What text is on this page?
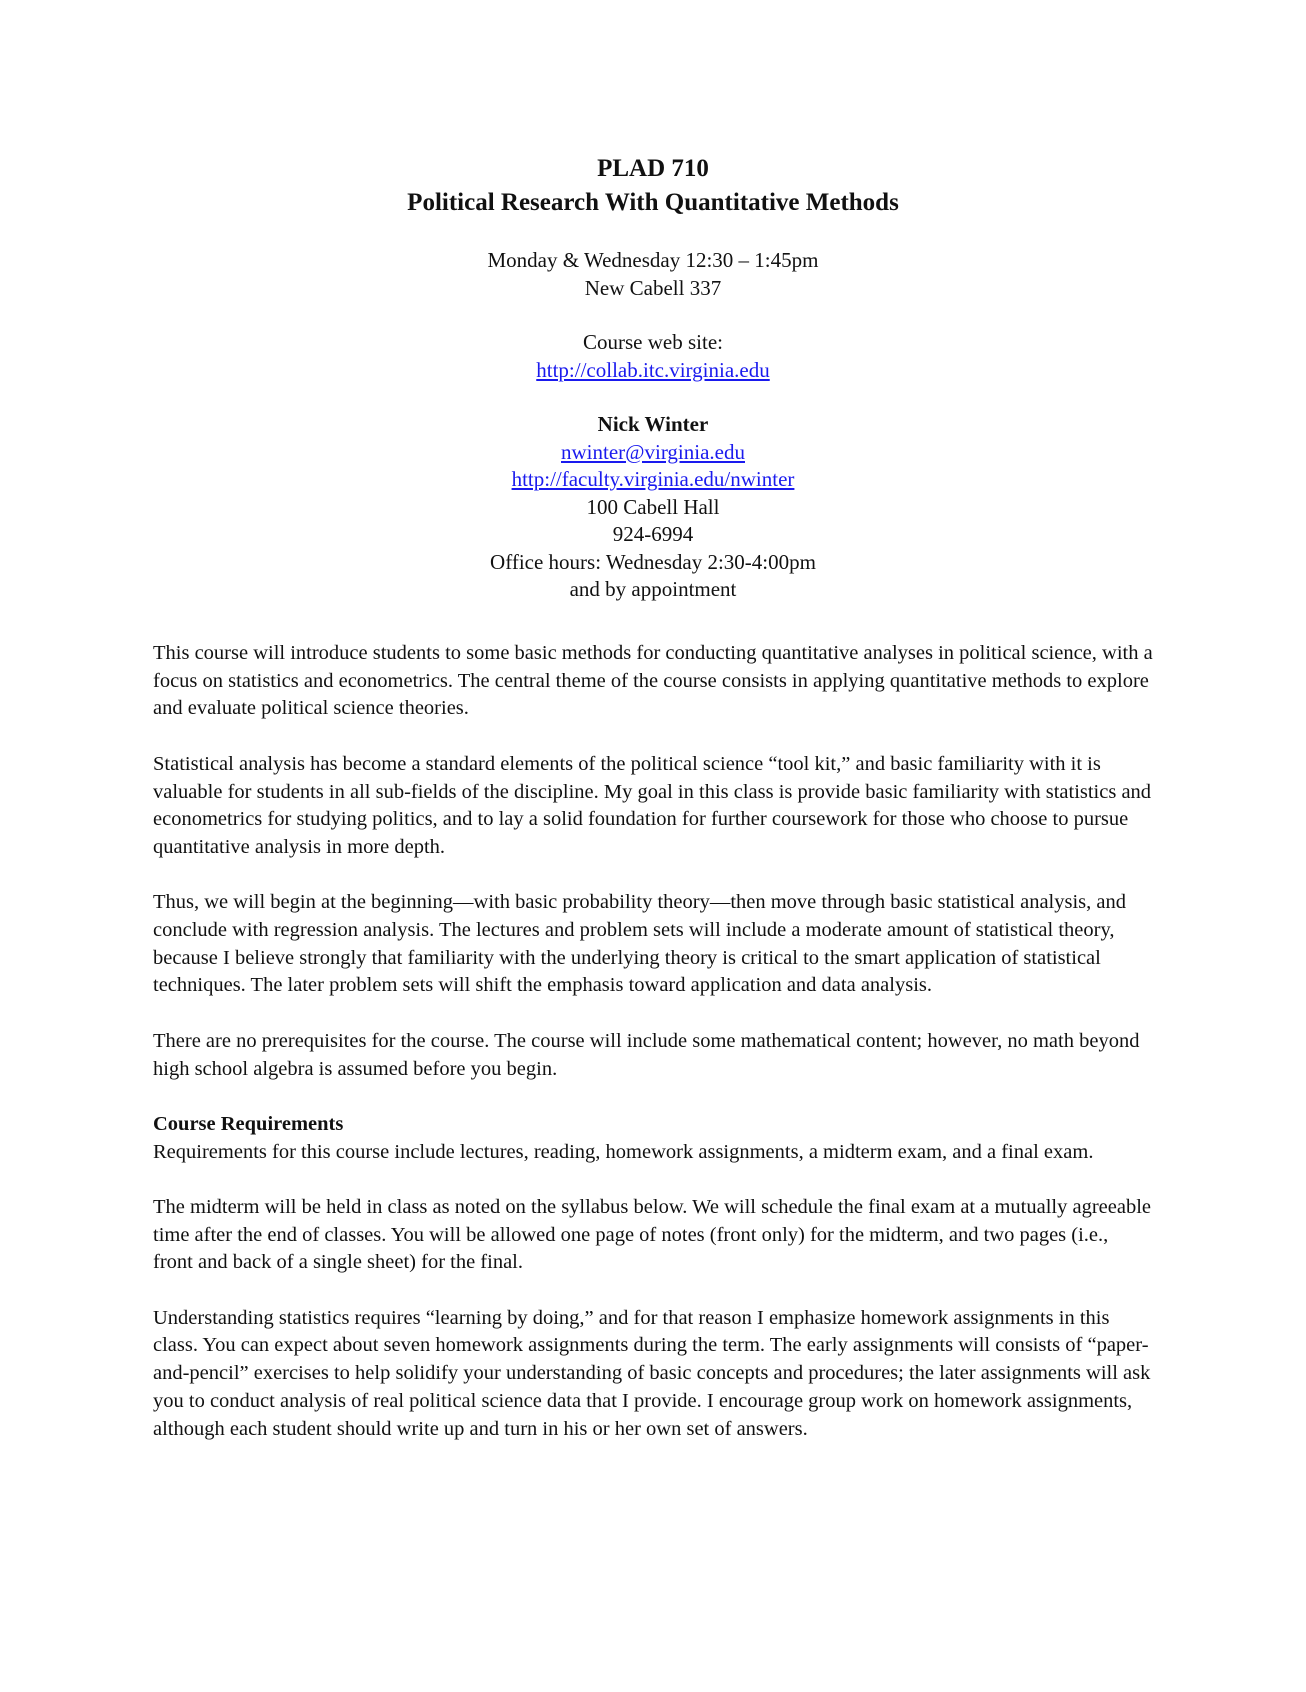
PLAD 710
Political Research With Quantitative Methods
Monday & Wednesday 12:30 – 1:45pm
New Cabell 337
Course web site:
http://collab.itc.virginia.edu
Nick Winter
nwinter@virginia.edu
http://faculty.virginia.edu/nwinter
100 Cabell Hall
924-6994
Office hours: Wednesday 2:30-4:00pm
and by appointment

This course will introduce students to some basic methods for conducting quantitative analyses in political science, with a focus on statistics and econometrics. The central theme of the course consists in applying quantitative methods to explore and evaluate political science theories.

Statistical analysis has become a standard elements of the political science “tool kit,” and basic familiarity with it is valuable for students in all sub-fields of the discipline. My goal in this class is provide basic familiarity with statistics and econometrics for studying politics, and to lay a solid foundation for further coursework for those who choose to pursue quantitative analysis in more depth.

Thus, we will begin at the beginning—with basic probability theory—then move through basic statistical analysis, and conclude with regression analysis. The lectures and problem sets will include a moderate amount of statistical theory, because I believe strongly that familiarity with the underlying theory is critical to the smart application of statistical techniques. The later problem sets will shift the emphasis toward application and data analysis.

There are no prerequisites for the course. The course will include some mathematical content; however, no math beyond high school algebra is assumed before you begin.

Course Requirements

Requirements for this course include lectures, reading, homework assignments, a midterm exam, and a final exam.

The midterm will be held in class as noted on the syllabus below. We will schedule the final exam at a mutually agreeable time after the end of classes. You will be allowed one page of notes (front only) for the midterm, and two pages (i.e., front and back of a single sheet) for the final.

Understanding statistics requires “learning by doing,” and for that reason I emphasize homework assignments in this class. You can expect about seven homework assignments during the term. The early assignments will consists of “paper-and-pencil” exercises to help solidify your understanding of basic concepts and procedures; the later assignments will ask you to conduct analysis of real political science data that I provide. I encourage group work on homework assignments, although each student should write up and turn in his or her own set of answers.
